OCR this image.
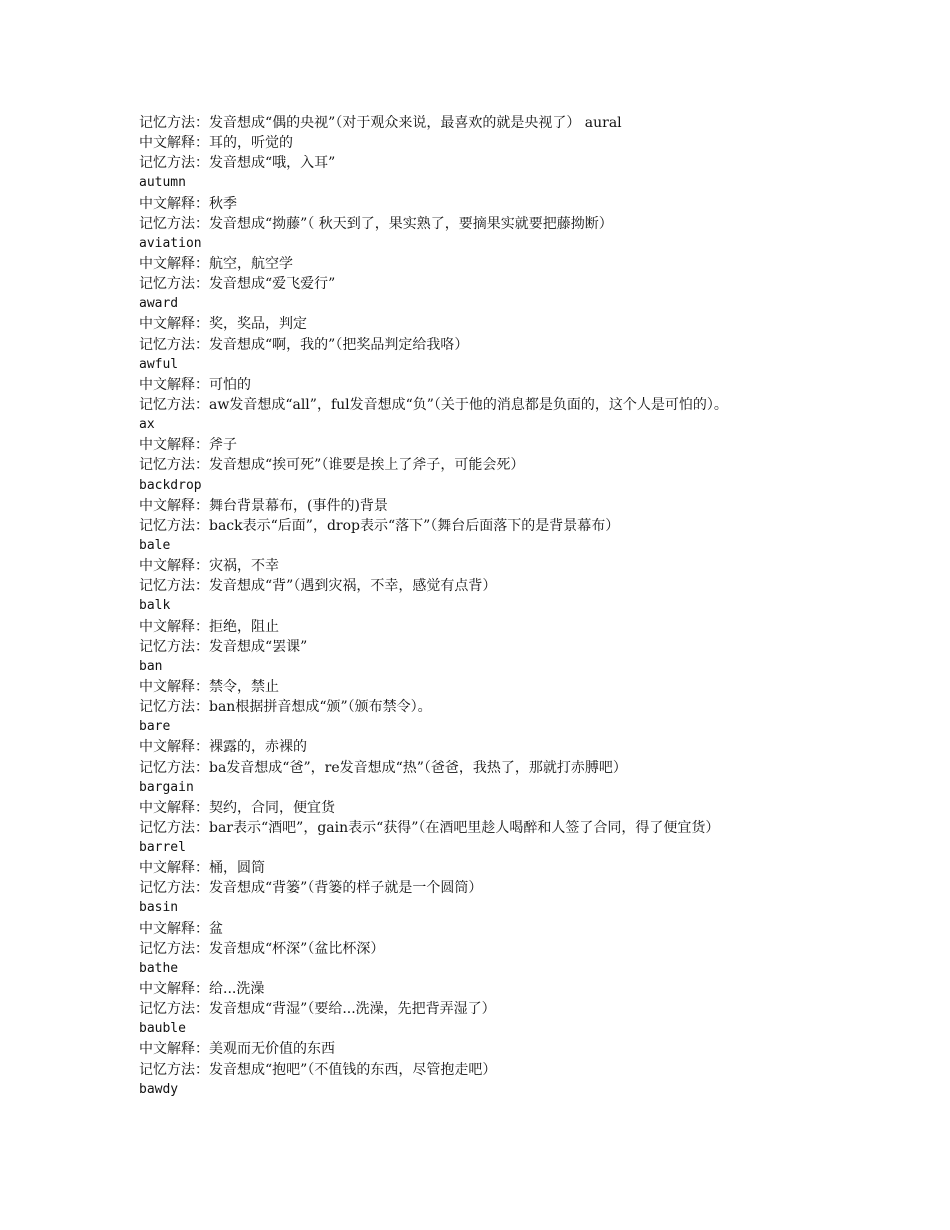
记忆方法：发音想成“偶的央视”（对于观众来说，最喜欢的就是央视了） aural
中文解释：耳的，听觉的
记忆方法：发音想成“哦，入耳”
autumn
中文解释：秋季
记忆方法：发音想成“拗藤”（ 秋天到了，果实熟了，要摘果实就要把藤拗断）
aviation
中文解释：航空，航空学
记忆方法：发音想成“爱飞爱行”
award
中文解释：奖，奖品，判定
记忆方法：发音想成“啊，我的”（把奖品判定给我咯）
awful
中文解释：可怕的
记忆方法：aw发音想成“all”，ful发音想成“负”（关于他的消息都是负面的，这个人是可怕的）。
ax
中文解释：斧子
记忆方法：发音想成“挨可死”（谁要是挨上了斧子，可能会死）
backdrop
中文解释：舞台背景幕布，(事件的)背景
记忆方法：back表示“后面”，drop表示“落下”（舞台后面落下的是背景幕布）
bale
中文解释：灾祸，不幸
记忆方法：发音想成“背”（遇到灾祸，不幸，感觉有点背）
balk
中文解释：拒绝，阻止
记忆方法：发音想成“罢课”
ban
中文解释：禁令，禁止
记忆方法：ban根据拼音想成“颁”（颁布禁令）。
bare
中文解释：裸露的，赤裸的
记忆方法：ba发音想成“爸”，re发音想成“热”（爸爸，我热了，那就打赤膊吧）
bargain
中文解释：契约，合同，便宜货
记忆方法：bar表示“酒吧”，gain表示“获得”（在酒吧里趁人喝醉和人签了合同，得了便宜货）
barrel
中文解释：桶，圆筒
记忆方法：发音想成“背篓”（背篓的样子就是一个圆筒）
basin
中文解释：盆
记忆方法：发音想成“杯深”（盆比杯深）
bathe
中文解释：给...洗澡
记忆方法：发音想成“背湿”（要给...洗澡，先把背弄湿了）
bauble
中文解释：美观而无价值的东西
记忆方法：发音想成“抱吧”（不值钱的东西，尽管抱走吧）
bawdy
